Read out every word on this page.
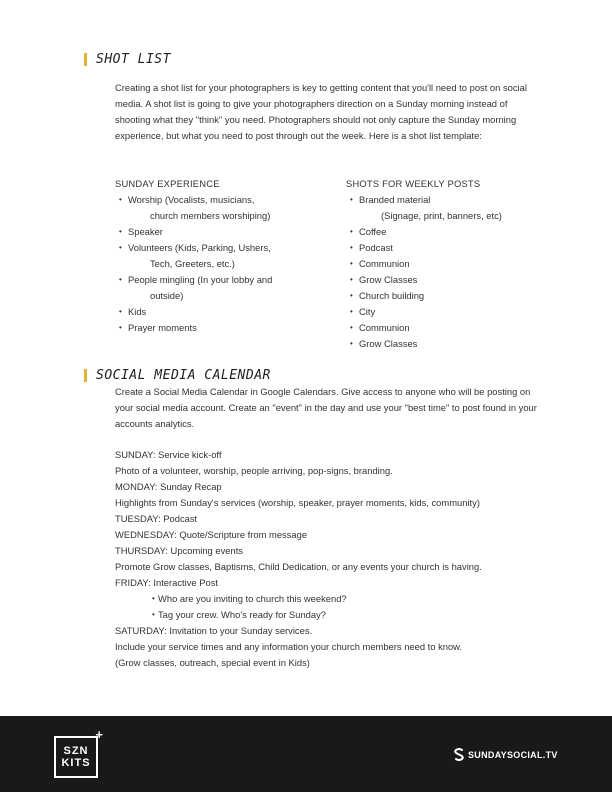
SHOT LIST
Creating a shot list for your photographers is key to getting content that you'll need to post on social media. A shot list is going to give your photographers direction on a Sunday morning instead of shooting what they "think" you need. Photographers should not only capture the Sunday morning experience, but what you need to post through out the week. Here is a shot list template:
SUNDAY EXPERIENCE
• Worship (Vocalists, musicians,
church members worshiping)
• Speaker
• Volunteers (Kids, Parking, Ushers,
Tech, Greeters, etc.)
• People mingling (In your lobby and
outside)
• Kids
• Prayer moments
SHOTS FOR WEEKLY POSTS
• Branded material
(Signage, print, banners, etc)
• Coffee
• Podcast
• Communion
• Grow Classes
• Church building
• City
• Communion
• Grow Classes
SOCIAL MEDIA CALENDAR
Create a Social Media Calendar in Google Calendars. Give access to anyone who will be posting on your social media account. Create an "event" in the day and use your "best time" to post found in your accounts analytics.
SUNDAY: Service kick-off
Photo of a volunteer, worship, people arriving, pop-signs, branding.
MONDAY: Sunday Recap
Highlights from Sunday's services (worship, speaker, prayer moments, kids, community)
TUESDAY: Podcast
WEDNESDAY: Quote/Scripture from message
THURSDAY: Upcoming events
Promote Grow classes, Baptisms, Child Dedication, or any events your church is having.
FRIDAY: Interactive Post
• Who are you inviting to church this weekend?
• Tag your crew. Who's ready for Sunday?
SATURDAY: Invitation to your Sunday services.
Include your service times and any information your church members need to know.
(Grow classes, outreach, special event in Kids)
SZN
KITS
+
SUNDAYSOCIAL.TV
